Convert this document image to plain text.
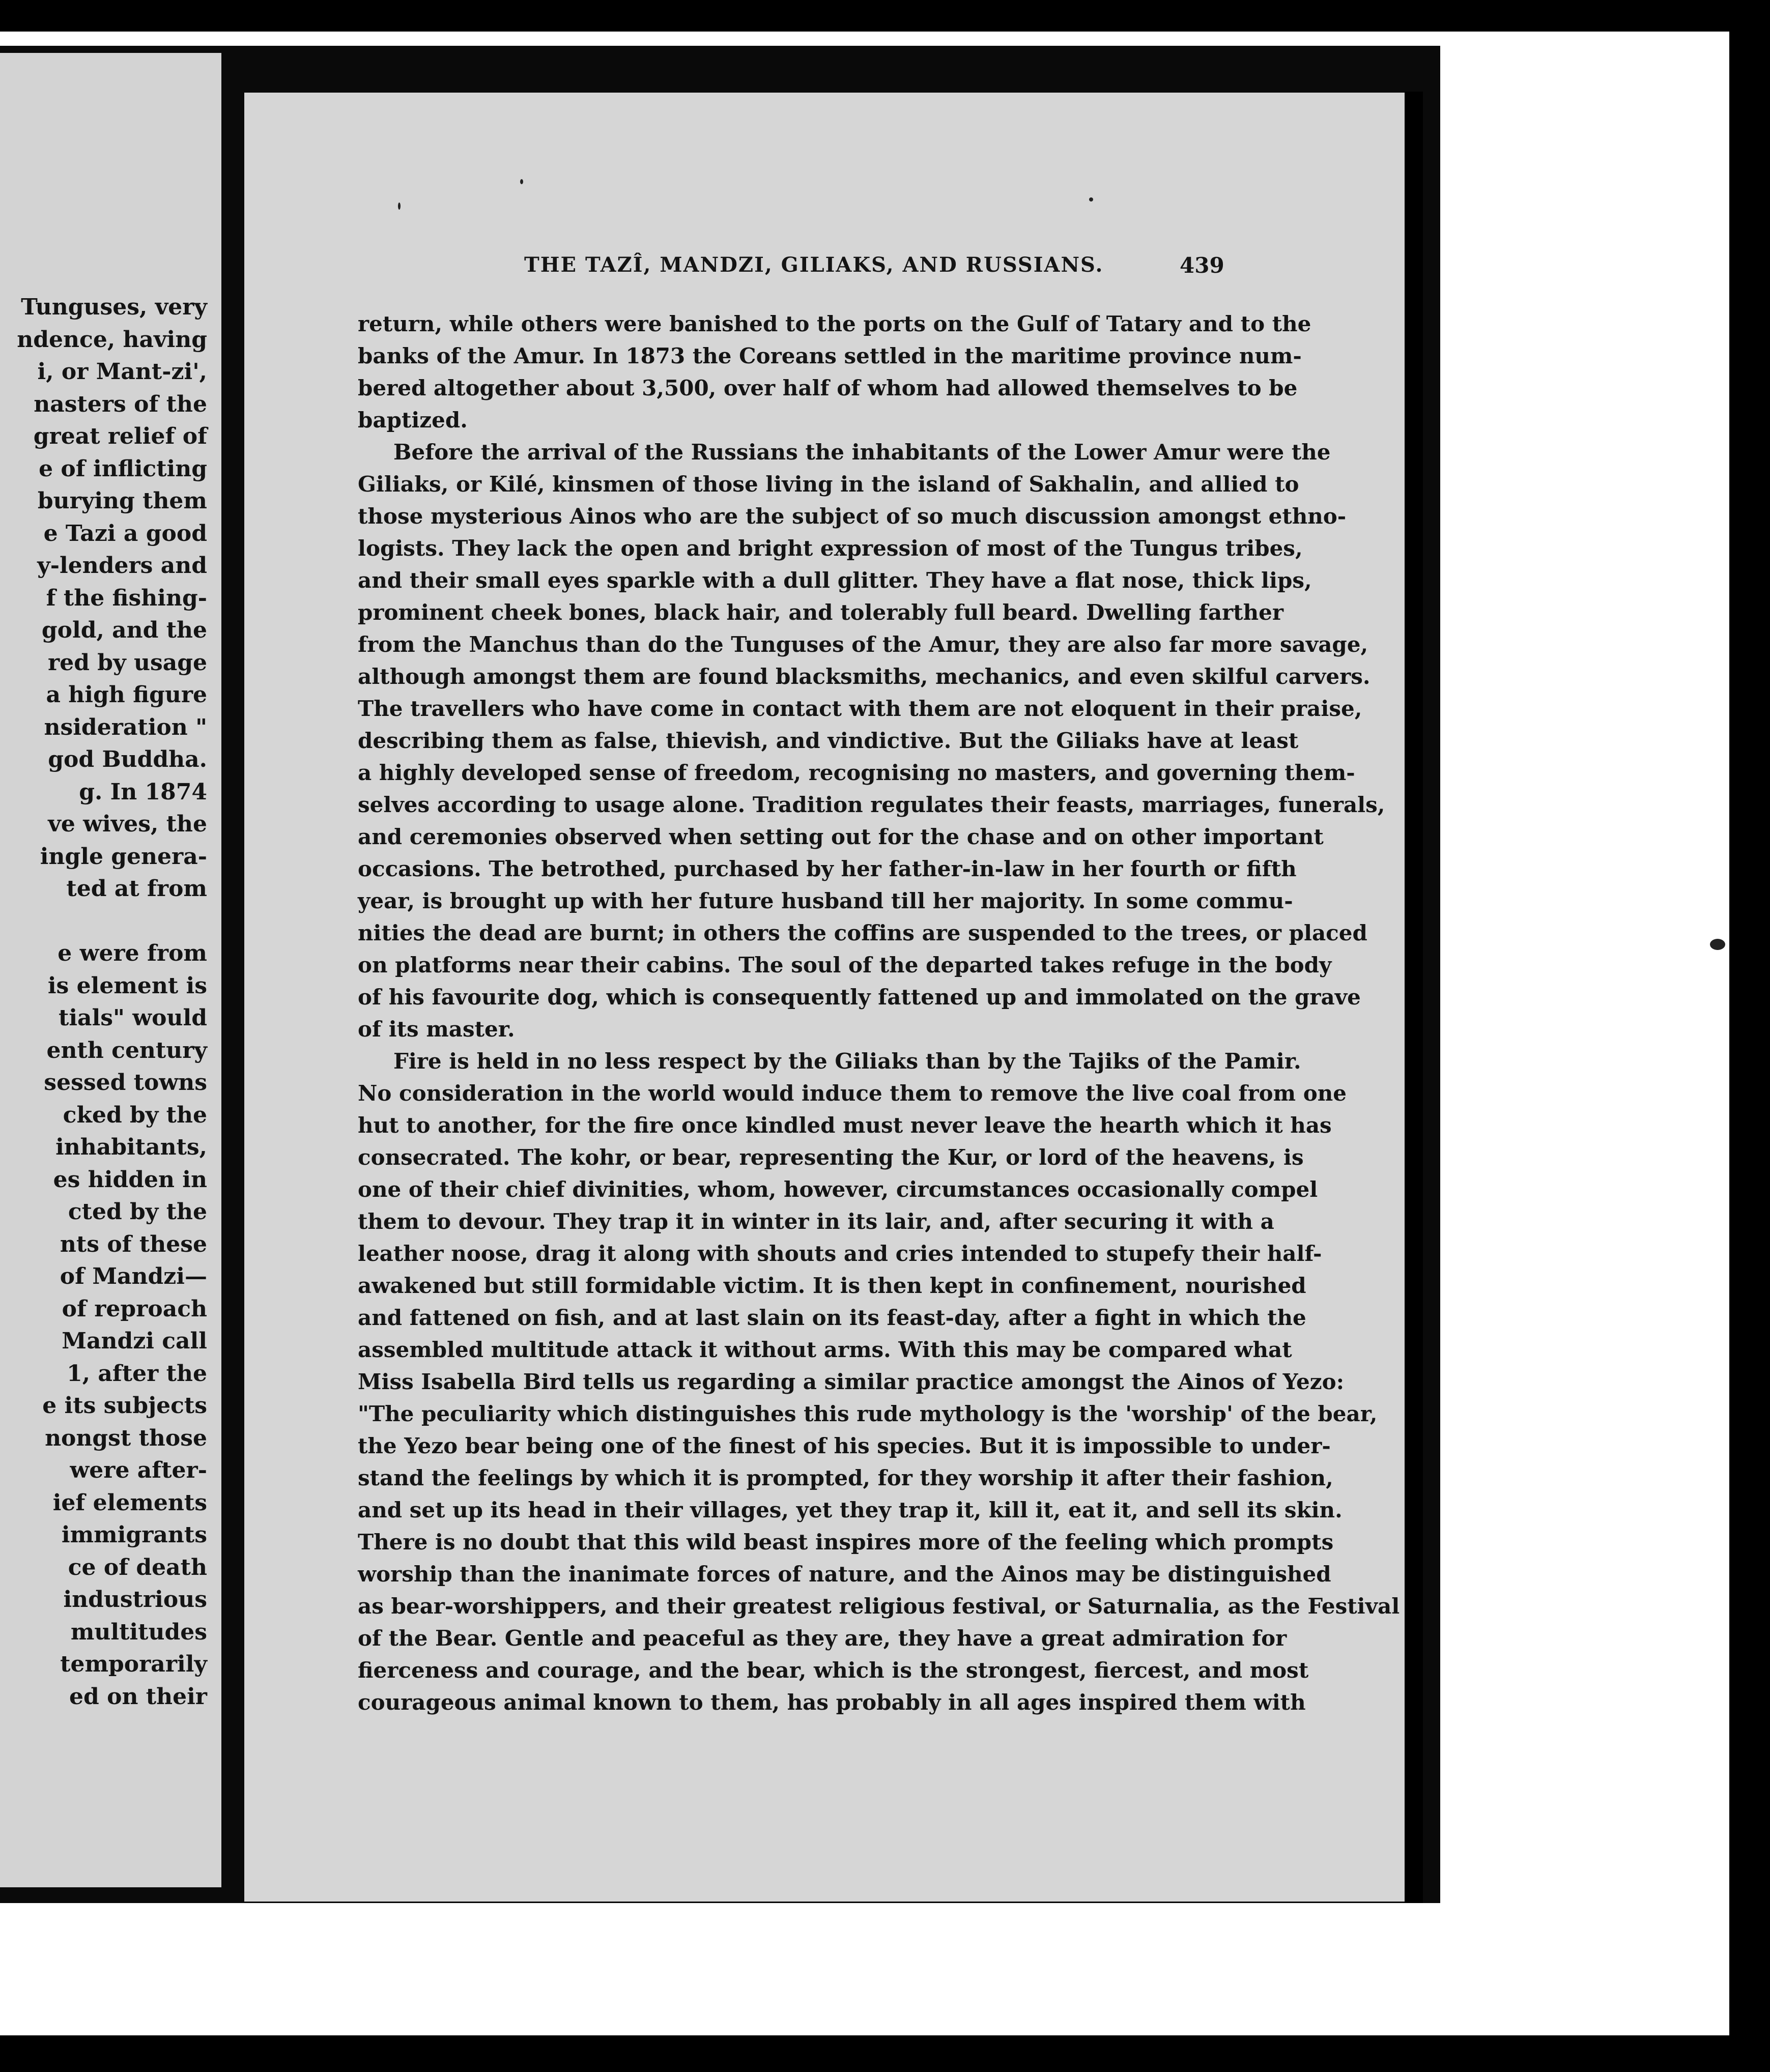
Tunguses, very
ndence, having
i, or Mant-zi',
nasters of the
great relief of
e of inflicting
burying them
e Tazi a good
y-lenders and
f the fishing-
gold, and the
red by usage
a high figure
nsideration "
god Buddha.
g. In 1874
ve wives, the
ingle genera-
ted at from
e were from
is element is
tials" would
enth century
sessed towns
cked by the
inhabitants,
es hidden in
cted by the
nts of these
of Mandzi—
of reproach
Mandzi call
1, after the
e its subjects
nongst those
were after-
ief elements
immigrants
ce of death
industrious
multitudes
temporarily
ed on their
THE TAZÎ, MANDZI, GILIAKS, AND RUSSIANS.	439
return, while others were banished to the ports on the Gulf of Tatary and to the
banks of the Amur. In 1873 the Coreans settled in the maritime province num-
bered altogether about 3,500, over half of whom had allowed themselves to be
baptized.
Before the arrival of the Russians the inhabitants of the Lower Amur were the
Giliaks, or Kilé, kinsmen of those living in the island of Sakhalin, and allied to
those mysterious Ainos who are the subject of so much discussion amongst ethno-
logists. They lack the open and bright expression of most of the Tungus tribes,
and their small eyes sparkle with a dull glitter. They have a flat nose, thick lips,
prominent cheek bones, black hair, and tolerably full beard. Dwelling farther
from the Manchus than do the Tunguses of the Amur, they are also far more savage,
although amongst them are found blacksmiths, mechanics, and even skilful carvers.
The travellers who have come in contact with them are not eloquent in their praise,
describing them as false, thievish, and vindictive. But the Giliaks have at least
a highly developed sense of freedom, recognising no masters, and governing them-
selves according to usage alone. Tradition regulates their feasts, marriages, funerals,
and ceremonies observed when setting out for the chase and on other important
occasions. The betrothed, purchased by her father-in-law in her fourth or fifth
year, is brought up with her future husband till her majority. In some commu-
nities the dead are burnt; in others the coffins are suspended to the trees, or placed
on platforms near their cabins. The soul of the departed takes refuge in the body
of his favourite dog, which is consequently fattened up and immolated on the grave
of its master.
Fire is held in no less respect by the Giliaks than by the Tajiks of the Pamir.
No consideration in the world would induce them to remove the live coal from one
hut to another, for the fire once kindled must never leave the hearth which it has
consecrated. The kohr, or bear, representing the Kur, or lord of the heavens, is
one of their chief divinities, whom, however, circumstances occasionally compel
them to devour. They trap it in winter in its lair, and, after securing it with a
leather noose, drag it along with shouts and cries intended to stupefy their half-
awakened but still formidable victim. It is then kept in confinement, nourished
and fattened on fish, and at last slain on its feast-day, after a fight in which the
assembled multitude attack it without arms. With this may be compared what
Miss Isabella Bird tells us regarding a similar practice amongst the Ainos of Yezo:
"The peculiarity which distinguishes this rude mythology is the 'worship' of the bear,
the Yezo bear being one of the finest of his species. But it is impossible to under-
stand the feelings by which it is prompted, for they worship it after their fashion,
and set up its head in their villages, yet they trap it, kill it, eat it, and sell its skin.
There is no doubt that this wild beast inspires more of the feeling which prompts
worship than the inanimate forces of nature, and the Ainos may be distinguished
as bear-worshippers, and their greatest religious festival, or Saturnalia, as the Festival
of the Bear. Gentle and peaceful as they are, they have a great admiration for
fierceness and courage, and the bear, which is the strongest, fiercest, and most
courageous animal known to them, has probably in all ages inspired them with
